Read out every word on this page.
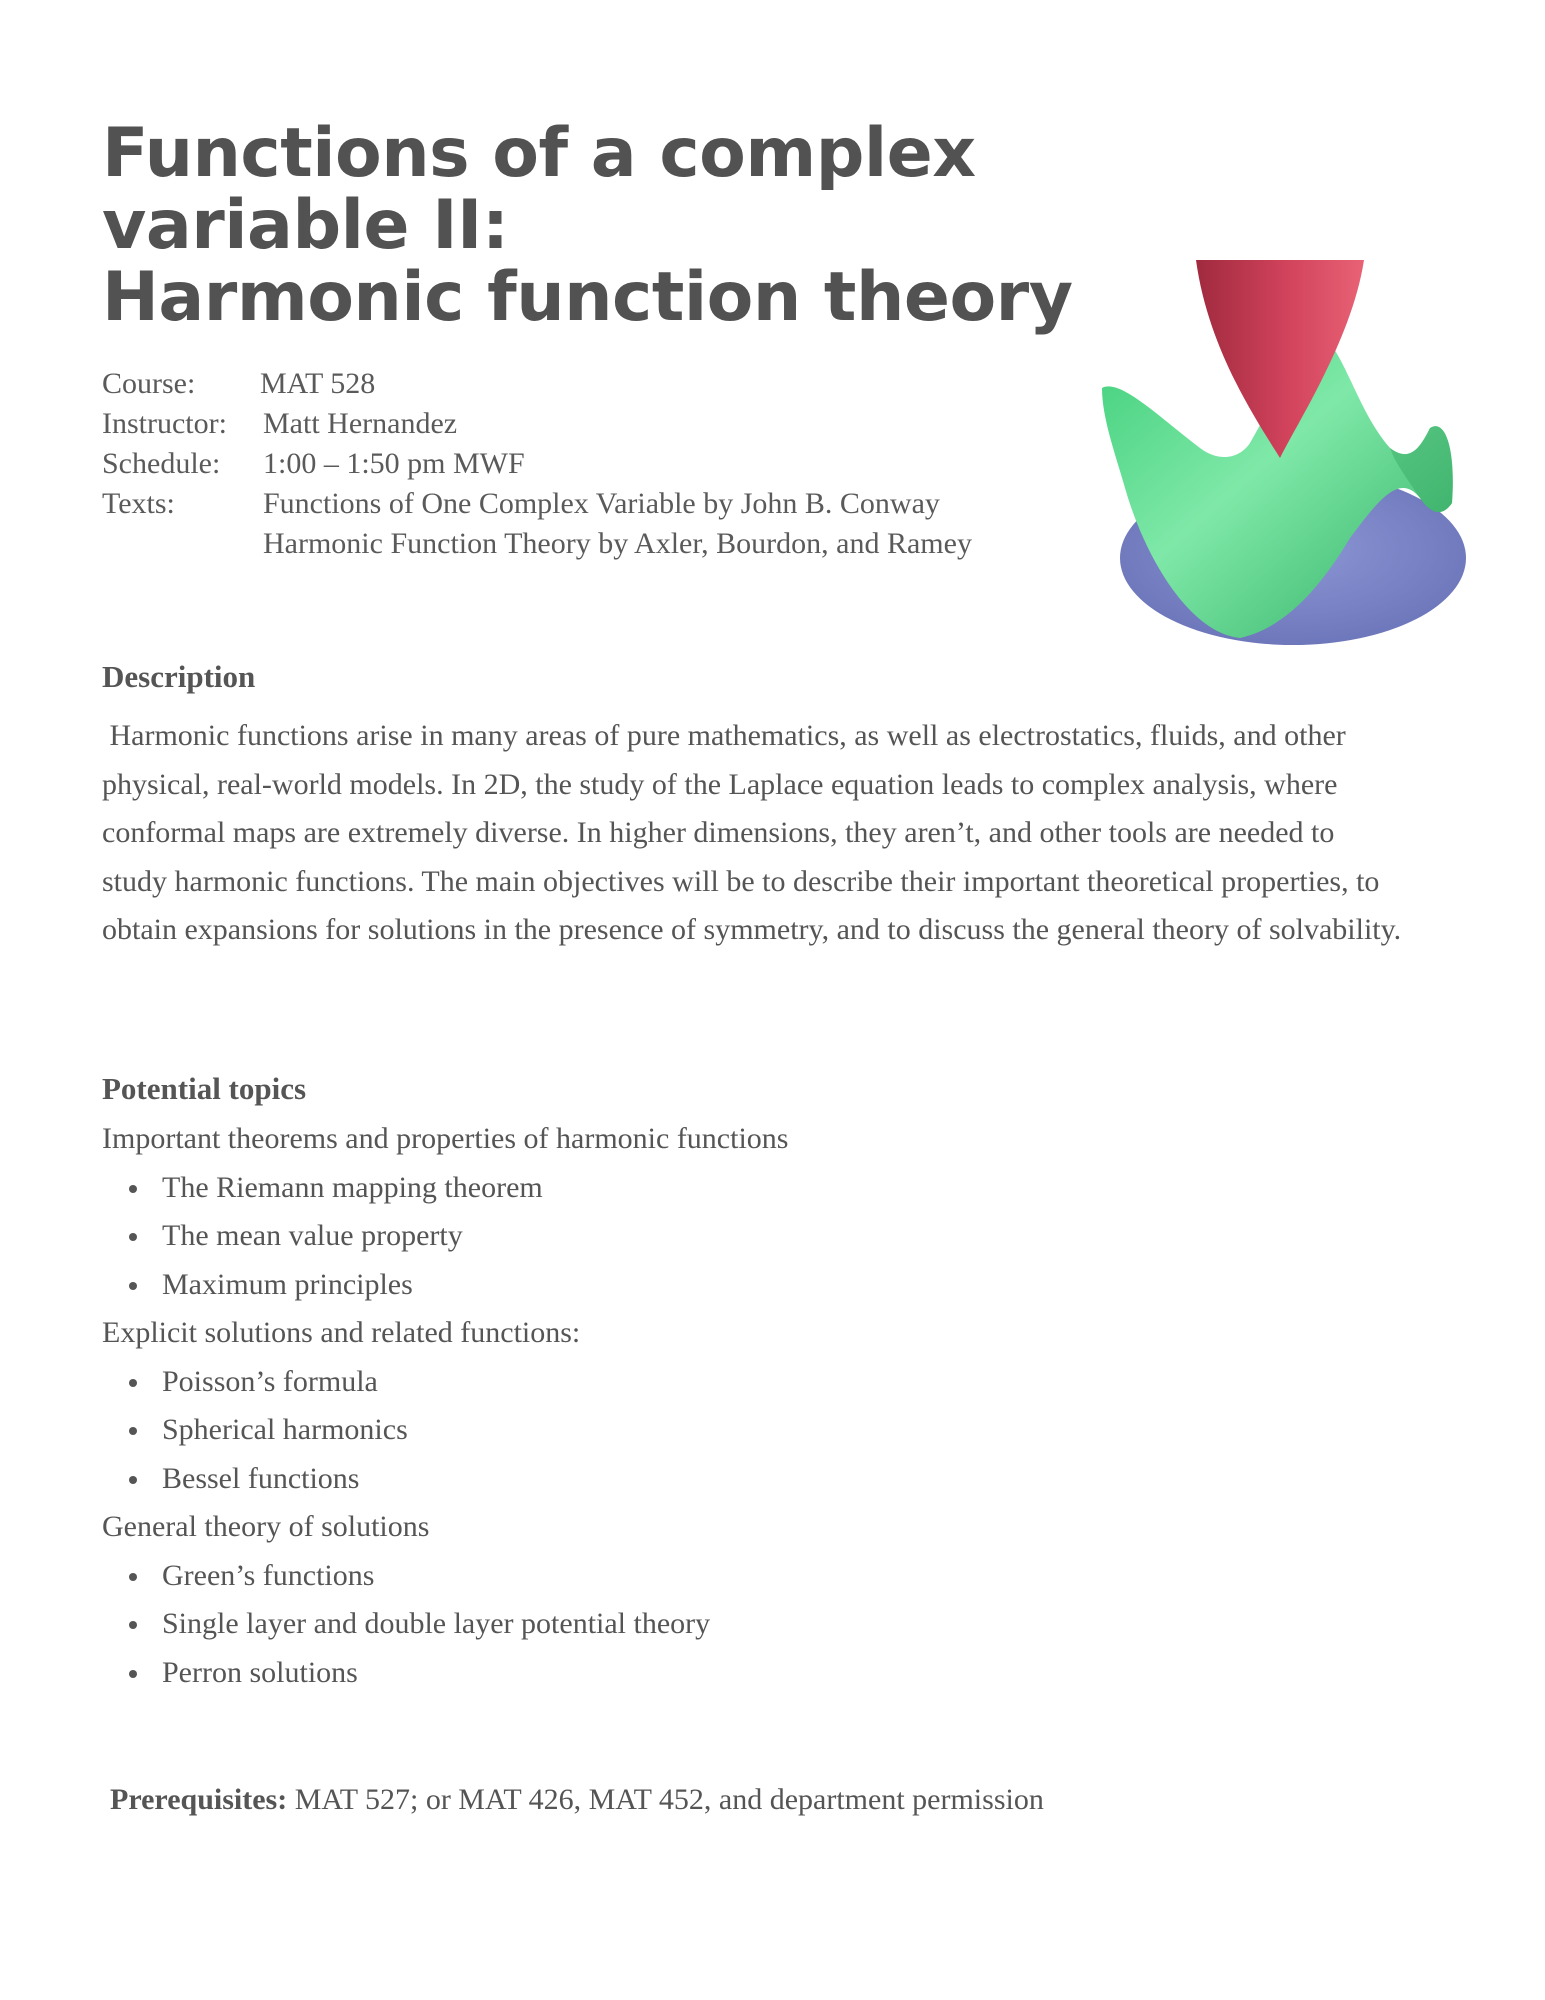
Functions of a complex variable II:
Harmonic function theory
Course:	MAT 528
Instructor:	Matt Hernandez
Schedule:	1:00 – 1:50 pm MWF
Texts:	Functions of One Complex Variable by John B. Conway
Harmonic Function Theory by Axler, Bourdon, and Ramey
Description

Harmonic functions arise in many areas of pure mathematics, as well as electrostatics, fluids, and other physical, real-world models. In 2D, the study of the Laplace equation leads to complex analysis, where conformal maps are extremely diverse. In higher dimensions, they aren’t, and other tools are needed to study harmonic functions. The main objectives will be to describe their important theoretical properties, to obtain expansions for solutions in the presence of symmetry, and to discuss the general theory of solvability.

Potential topics
Important theorems and properties of harmonic functions
The Riemann mapping theorem
The mean value property
Maximum principles
Explicit solutions and related functions:
Poisson’s formula
Spherical harmonics
Bessel functions
General theory of solutions
Green’s functions
Single layer and double layer potential theory
Perron solutions
Prerequisites: MAT 527; or MAT 426, MAT 452, and department permission
